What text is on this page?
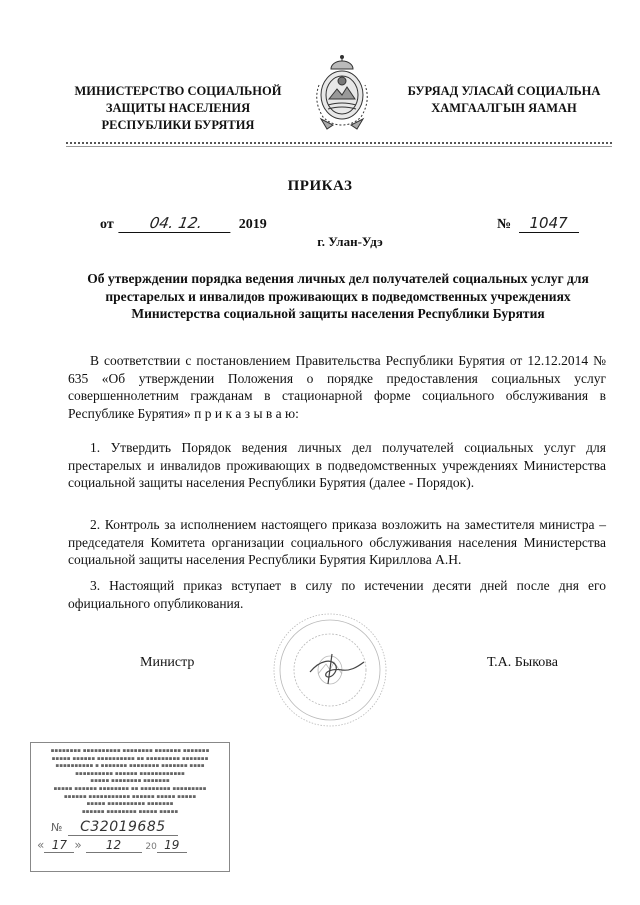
МИНИСТЕРСТВО СОЦИАЛЬНОЙ
ЗАЩИТЫ НАСЕЛЕНИЯ
РЕСПУБЛИКИ БУРЯТИЯ
БУРЯАД УЛАСАЙ СОЦИАЛЬНА
ХАМГААЛГЫН ЯАМАН
ПРИКАЗ
от 04. 12. 2019	№ 1047
г. Улан-Удэ
Об утверждении порядка ведения личных дел получателей социальных услуг для престарелых и инвалидов проживающих в подведомственных учреждениях Министерства социальной защиты населения Республики Бурятия

В соответствии с постановлением Правительства Республики Бурятия от 12.12.2014 № 635 «Об утверждении Положения о порядке предоставления социальных услуг совершеннолетним гражданам в стационарной форме социального обслуживания в Республике Бурятия» п р и к а з ы в а ю:

1. Утвердить Порядок ведения личных дел получателей социальных услуг для престарелых и инвалидов проживающих в подведомственных учреждениях Министерства социальной защиты населения Республики Бурятия (далее - Порядок).

2. Контроль за исполнением настоящего приказа возложить на заместителя министра – председателя Комитета организации социального обслуживания населения Министерства социальной защиты населения Республики Бурятия Кириллова А.Н.

3. Настоящий приказ вступает в силу по истечении десяти дней после дня его официального опубликования.

Министр	Т.А. Быкова
▪▪▪▪▪▪▪▪ ▪▪▪▪▪▪▪▪▪▪ ▪▪▪▪▪▪▪▪ ▪▪▪▪▪▪▪ ▪▪▪▪▪▪▪
▪▪▪▪▪ ▪▪▪▪▪▪ ▪▪▪▪▪▪▪▪▪▪ ▪▪ ▪▪▪▪▪▪▪▪▪ ▪▪▪▪▪▪▪
▪▪▪▪▪▪▪▪▪▪ ▪ ▪▪▪▪▪▪▪ ▪▪▪▪▪▪▪▪ ▪▪▪▪▪▪▪ ▪▪▪▪
▪▪▪▪▪▪▪▪▪▪ ▪▪▪▪▪▪ ▪▪▪▪▪▪▪▪▪▪▪▪
▪▪▪▪▪ ▪▪▪▪▪▪▪▪ ▪▪▪▪▪▪▪
▪▪▪▪▪ ▪▪▪▪▪▪ ▪▪▪▪▪▪▪▪ ▪▪ ▪▪▪▪▪▪▪▪ ▪▪▪▪▪▪▪▪▪
▪▪▪▪▪▪ ▪▪▪▪▪▪▪▪▪▪▪ ▪▪▪▪▪▪ ▪▪▪▪▪ ▪▪▪▪▪
▪▪▪▪▪ ▪▪▪▪▪▪▪▪▪▪ ▪▪▪▪▪▪▪
▪▪▪▪▪▪ ▪▪▪▪▪▪▪▪ ▪▪▪▪▪ ▪▪▪▪▪
№ С32019685
« 17 » 12	20 19
